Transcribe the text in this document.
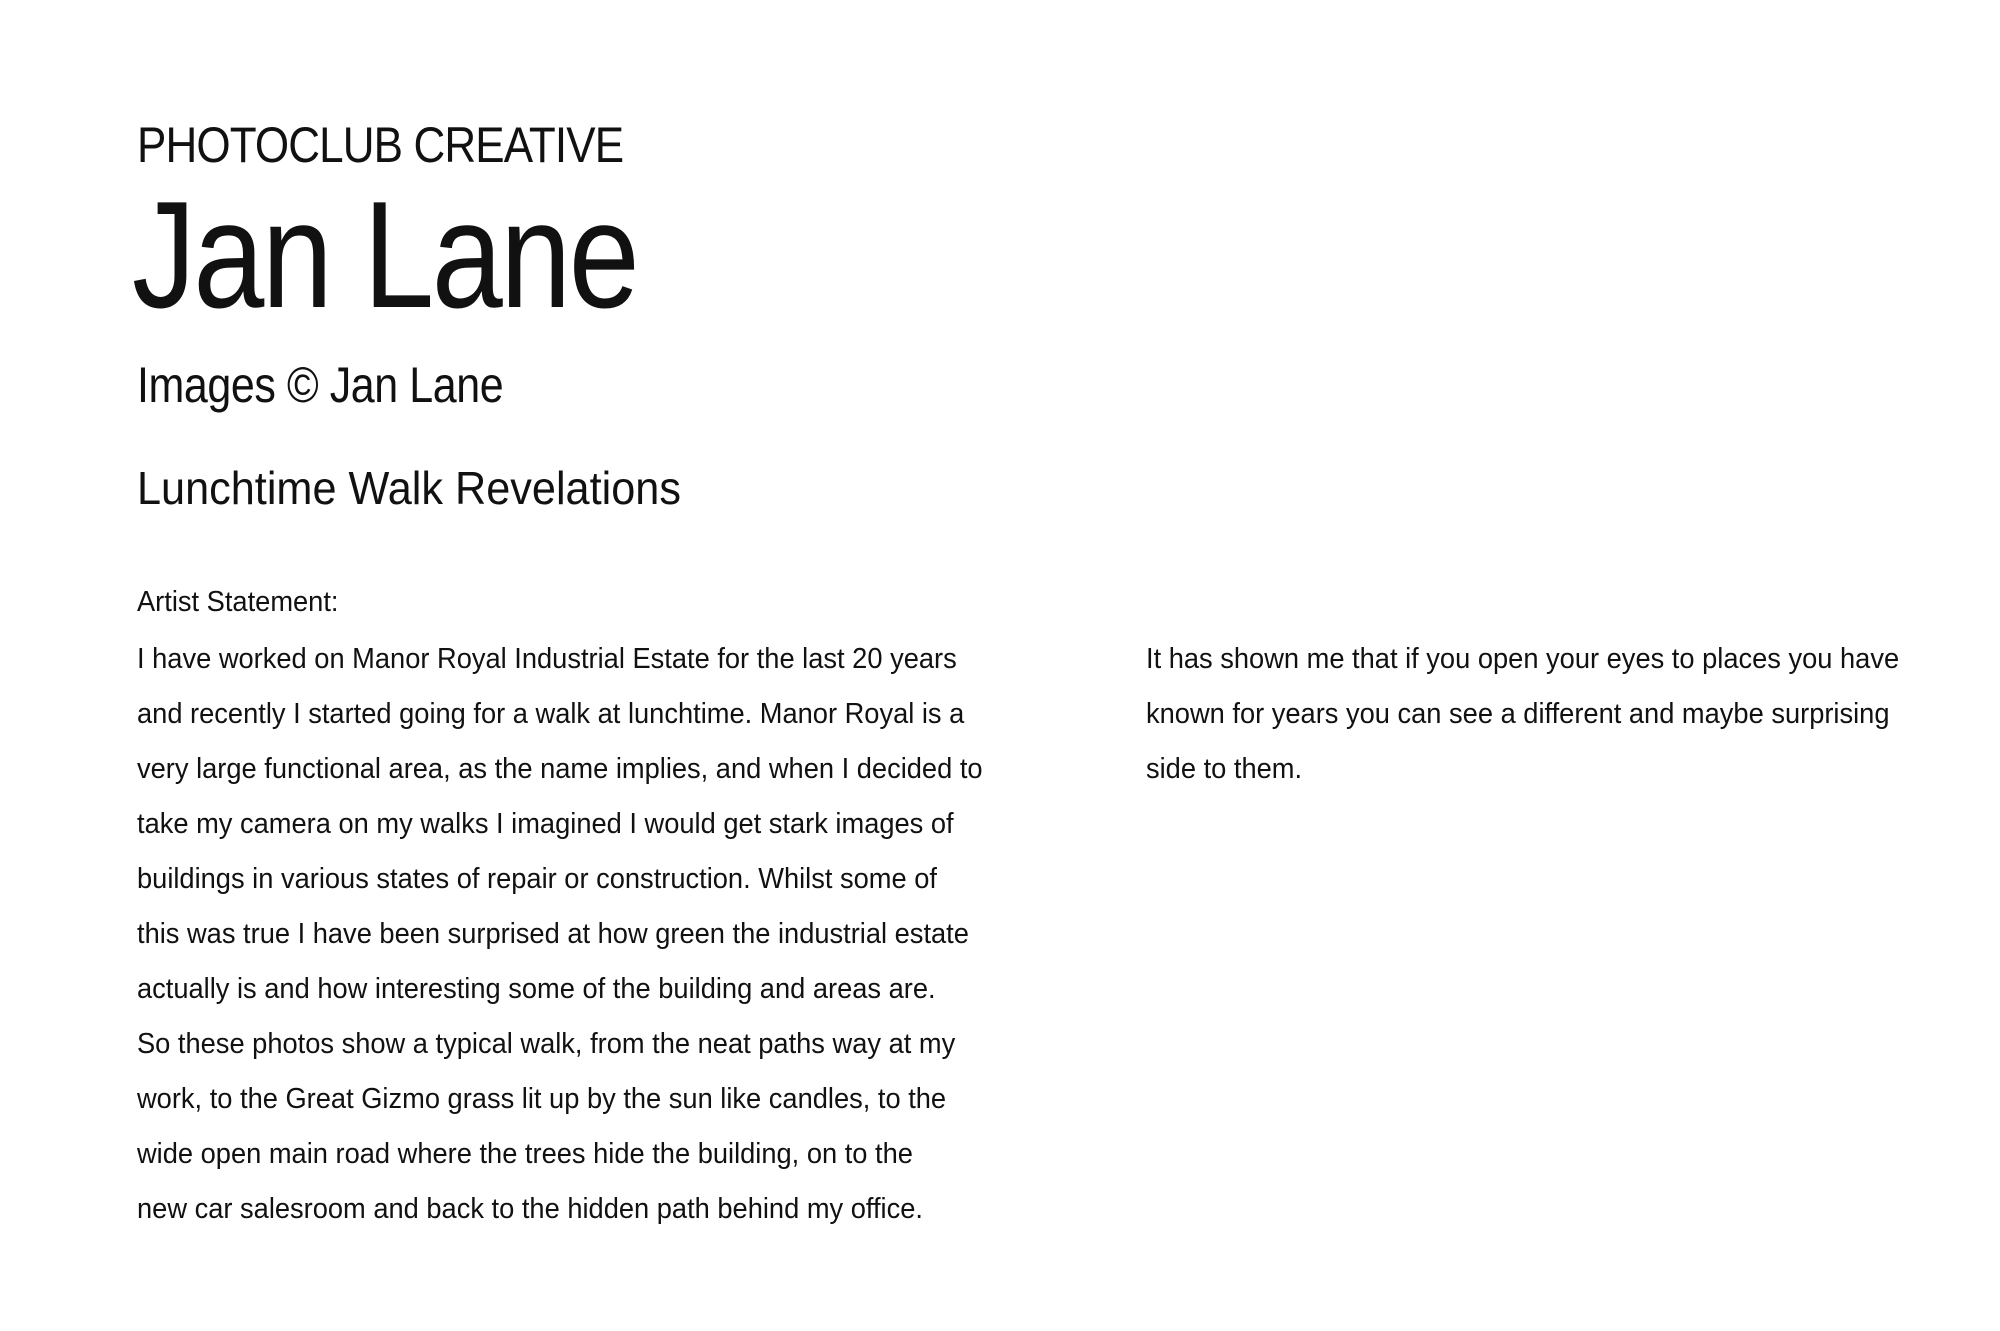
PHOTOCLUB CREATIVE
Jan Lane
Images © Jan Lane
Lunchtime Walk Revelations
Artist Statement:
I have worked on Manor Royal Industrial Estate for the last 20 years
and recently I started going for a walk at lunchtime. Manor Royal is a
very large functional area, as the name implies, and when I decided to
take my camera on my walks I imagined I would get stark images of
buildings in various states of repair or construction. Whilst some of
this was true I have been surprised at how green the industrial estate
actually is and how interesting some of the building and areas are.
So these photos show a typical walk, from the neat paths way at my
work, to the Great Gizmo grass lit up by the sun like candles, to the
wide open main road where the trees hide the building, on to the
new car salesroom and back to the hidden path behind my office.
It has shown me that if you open your eyes to places you have
known for years you can see a different and maybe surprising
side to them.
